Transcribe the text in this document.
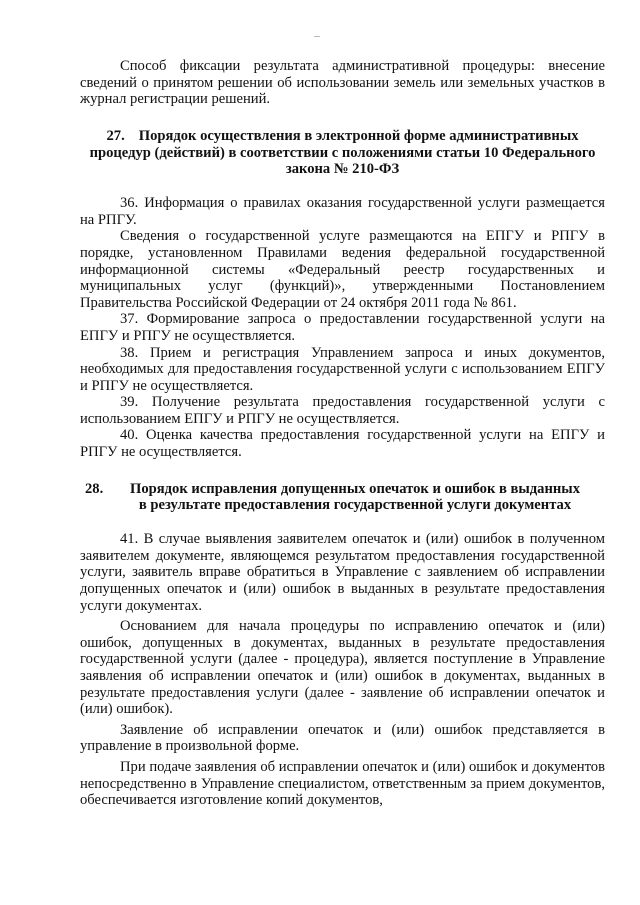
Способ фиксации результата административной процедуры: внесение сведений о принятом решении об использовании земель или земельных участков в журнал регистрации решений.

27. Порядок осуществления в электронной форме административных процедур (действий) в соответствии с положениями статьи 10 Федерального закона № 210-ФЗ

36. Информация о правилах оказания государственной услуги размещается на РПГУ.

Сведения о государственной услуге размещаются на ЕПГУ и РПГУ в порядке, установленном Правилами ведения федеральной государственной информационной системы «Федеральный реестр государственных и муниципальных услуг (функций)», утвержденными Постановлением Правительства Российской Федерации от 24 октября 2011 года № 861.

37. Формирование запроса о предоставлении государственной услуги на ЕПГУ и РПГУ не осуществляется.

38. Прием и регистрация Управлением запроса и иных документов, необходимых для предоставления государственной услуги с использованием ЕПГУ и РПГУ не осуществляется.

39. Получение результата предоставления государственной услуги с использованием ЕПГУ и РПГУ не осуществляется.

40. Оценка качества предоставления государственной услуги на ЕПГУ и РПГУ не осуществляется.

28.	Порядок исправления допущенных опечаток и ошибок в выданных в результате предоставления государственной услуги документах

41. В случае выявления заявителем опечаток и (или) ошибок в полученном заявителем документе, являющемся результатом предоставления государственной услуги, заявитель вправе обратиться в Управление с заявлением об исправлении допущенных опечаток и (или) ошибок в выданных в результате предоставления услуги документах.

Основанием для начала процедуры по исправлению опечаток и (или) ошибок, допущенных в документах, выданных в результате предоставления государственной услуги (далее - процедура), является поступление в Управление заявления об исправлении опечаток и (или) ошибок в документах, выданных в результате предоставления услуги (далее - заявление об исправлении опечаток и (или) ошибок).

Заявление об исправлении опечаток и (или) ошибок представляется в управление в произвольной форме.

При подаче заявления об исправлении опечаток и (или) ошибок и документов непосредственно в Управление специалистом, ответственным за прием документов, обеспечивается изготовление копий документов,
